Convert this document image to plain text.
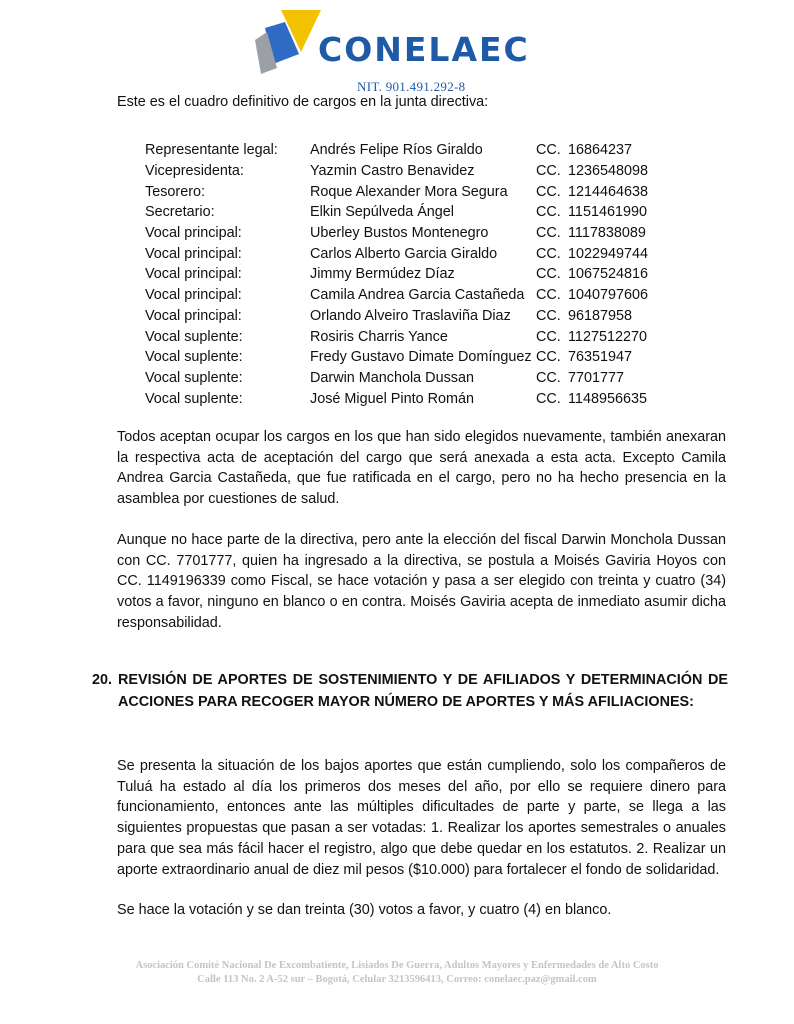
CONELAEC
NIT. 901.491.292-8
Este es el cuadro definitivo de cargos en la junta directiva:
Representante legal:	Andrés Felipe Ríos Giraldo	CC.	16864237
Vicepresidenta:	Yazmin Castro Benavidez	CC.	1236548098
Tesorero:	Roque Alexander Mora Segura	CC.	1214464638
Secretario:	Elkin Sepúlveda Ángel	CC.	1151461990
Vocal principal:	Uberley Bustos Montenegro	CC.	1117838089
Vocal principal:	Carlos Alberto Garcia Giraldo	CC.	1022949744
Vocal principal:	Jimmy Bermúdez Díaz	CC.	1067524816
Vocal principal:	Camila Andrea Garcia Castañeda	CC.	1040797606
Vocal principal:	Orlando Alveiro Traslaviña Diaz	CC.	96187958
Vocal suplente:	Rosiris Charris Yance	CC.	1127512270
Vocal suplente:	Fredy Gustavo Dimate Domínguez	CC.	76351947
Vocal suplente:	Darwin Manchola Dussan	CC.	7701777
Vocal suplente:	José Miguel Pinto Román	CC.	1148956635

Todos aceptan ocupar los cargos en los que han sido elegidos nuevamente, también anexaran la respectiva acta de aceptación del cargo que será anexada a esta acta. Excepto Camila Andrea Garcia Castañeda, que fue ratificada en el cargo, pero no ha hecho presencia en la asamblea por cuestiones de salud.

Aunque no hace parte de la directiva, pero ante la elección del fiscal Darwin Monchola Dussan con CC. 7701777, quien ha ingresado a la directiva, se postula a Moisés Gaviria Hoyos con CC. 1149196339 como Fiscal, se hace votación y pasa a ser elegido con treinta y cuatro (34) votos a favor, ninguno en blanco o en contra. Moisés Gaviria acepta de inmediato asumir dicha responsabilidad.

20. REVISIÓN DE APORTES DE SOSTENIMIENTO Y DE AFILIADOS Y DETERMINACIÓN DE ACCIONES PARA RECOGER MAYOR NÚMERO DE APORTES Y MÁS AFILIACIONES:

Se presenta la situación de los bajos aportes que están cumpliendo, solo los compañeros de Tuluá ha estado al día los primeros dos meses del año, por ello se requiere dinero para funcionamiento, entonces ante las múltiples dificultades de parte y parte, se llega a las siguientes propuestas que pasan a ser votadas: 1. Realizar los aportes semestrales o anuales para que sea más fácil hacer el registro, algo que debe quedar en los estatutos. 2. Realizar un aporte extraordinario anual de diez mil pesos ($10.000) para fortalecer el fondo de solidaridad.

Se hace la votación y se dan treinta (30) votos a favor, y cuatro (4) en blanco.

Asociación Comité Nacional De Excombatiente, Lisiados De Guerra, Adultos Mayores y Enfermedades de Alto Costo
Calle 113 No. 2 A-52 sur – Bogotá, Celular 3213596413, Correo: conelaec.paz@gmail.com
